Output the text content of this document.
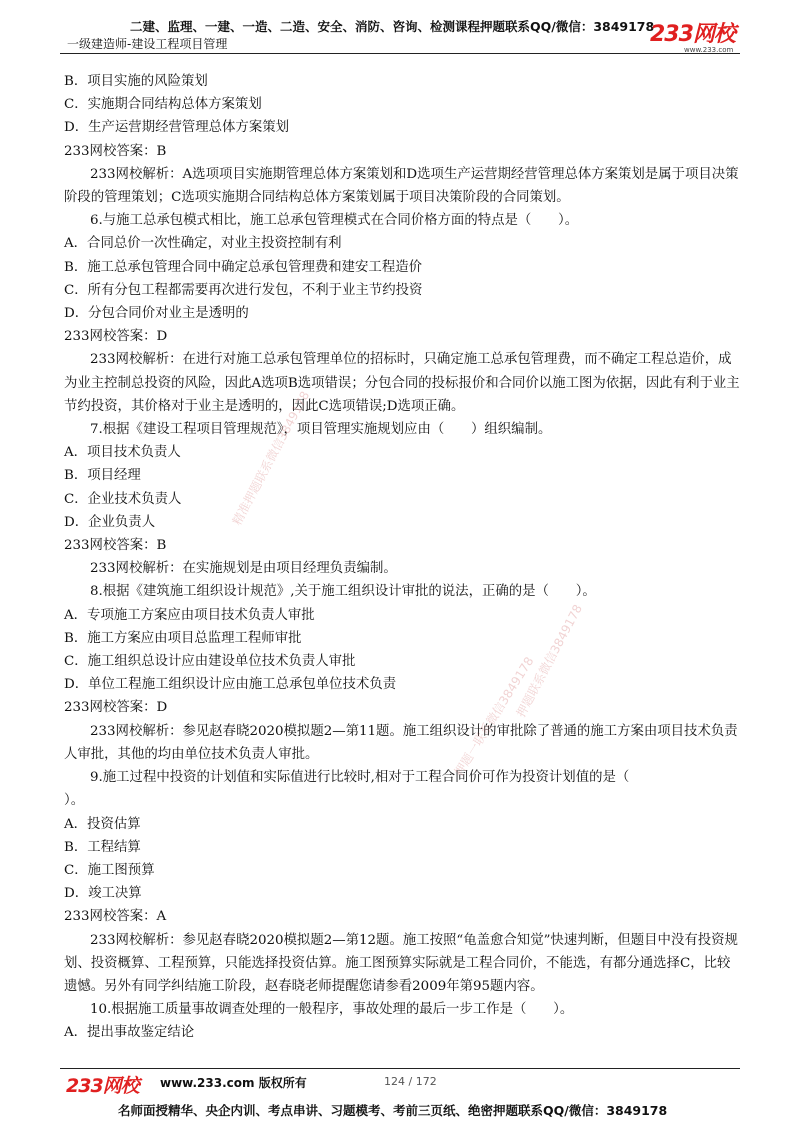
二建、监理、一建、一造、二造、安全、消防、咨询、检测课程押题联系QQ/微信：3849178
一级建造师-建设工程项目管理	233网校
www.233.com

B．项目实施的风险策划

C．实施期合同结构总体方案策划

D．生产运营期经营管理总体方案策划

233网校答案：B

233网校解析：A选项项目实施期管理总体方案策划和D选项生产运营期经营管理总体方案策划是属于项目决策阶段的管理策划；C选项实施期合同结构总体方案策划属于项目决策阶段的合同策划。

6.与施工总承包模式相比，施工总承包管理模式在合同价格方面的特点是（　　）。

A．合同总价一次性确定，对业主投资控制有利

B．施工总承包管理合同中确定总承包管理费和建安工程造价

C．所有分包工程都需要再次进行发包，不利于业主节约投资

D．分包合同价对业主是透明的

233网校答案：D

233网校解析：在进行对施工总承包管理单位的招标时，只确定施工总承包管理费，而不确定工程总造价，成为业主控制总投资的风险，因此A选项B选项错误；分包合同的投标报价和合同价以施工图为依据，因此有利于业主节约投资，其价格对于业主是透明的，因此C选项错误;D选项正确。

7.根据《建设工程项目管理规范》，项目管理实施规划应由（　　）组织编制。

A．项目技术负责人

B．项目经理

C．企业技术负责人

D．企业负责人

233网校答案：B

233网校解析：在实施规划是由项目经理负责编制。

8.根据《建筑施工组织设计规范》,关于施工组织设计审批的说法，正确的是（　　）。

A．专项施工方案应由项目技术负责人审批

B．施工方案应由项目总监理工程师审批

C．施工组织总设计应由建设单位技术负责人审批

D．单位工程施工组织设计应由施工总承包单位技术负责

233网校答案：D

233网校解析：参见赵春晓2020模拟题2—第11题。施工组织设计的审批除了普通的施工方案由项目技术负责人审批，其他的均由单位技术负责人审批。

9.施工过程中投资的计划值和实际值进行比较时,相对于工程合同价可作为投资计划值的是（

）。

A．投资估算

B．工程结算

C．施工图预算

D．竣工决算

233网校答案：A

233网校解析：参见赵春晓2020模拟题2—第12题。施工按照“龟盖愈合知觉”快速判断，但题目中没有投资规划、投资概算、工程预算，只能选择投资估算。施工图预算实际就是工程合同价，不能选，有都分通选择C，比较遗憾。另外有同学纠结施工阶段，赵春晓老师提醒您请参看2009年第95题内容。

10.根据施工质量事故调查处理的一般程序，事故处理的最后一步工作是（　　）。

A．提出事故鉴定结论

精准押题联系微信3849178
押题联系微信3849178
押题一联系微信3849178
233网校 www.233.com 版权所有	124 / 172
名师面授精华、央企内训、考点串讲、习题模考、考前三页纸、绝密押题联系QQ/微信：3849178
